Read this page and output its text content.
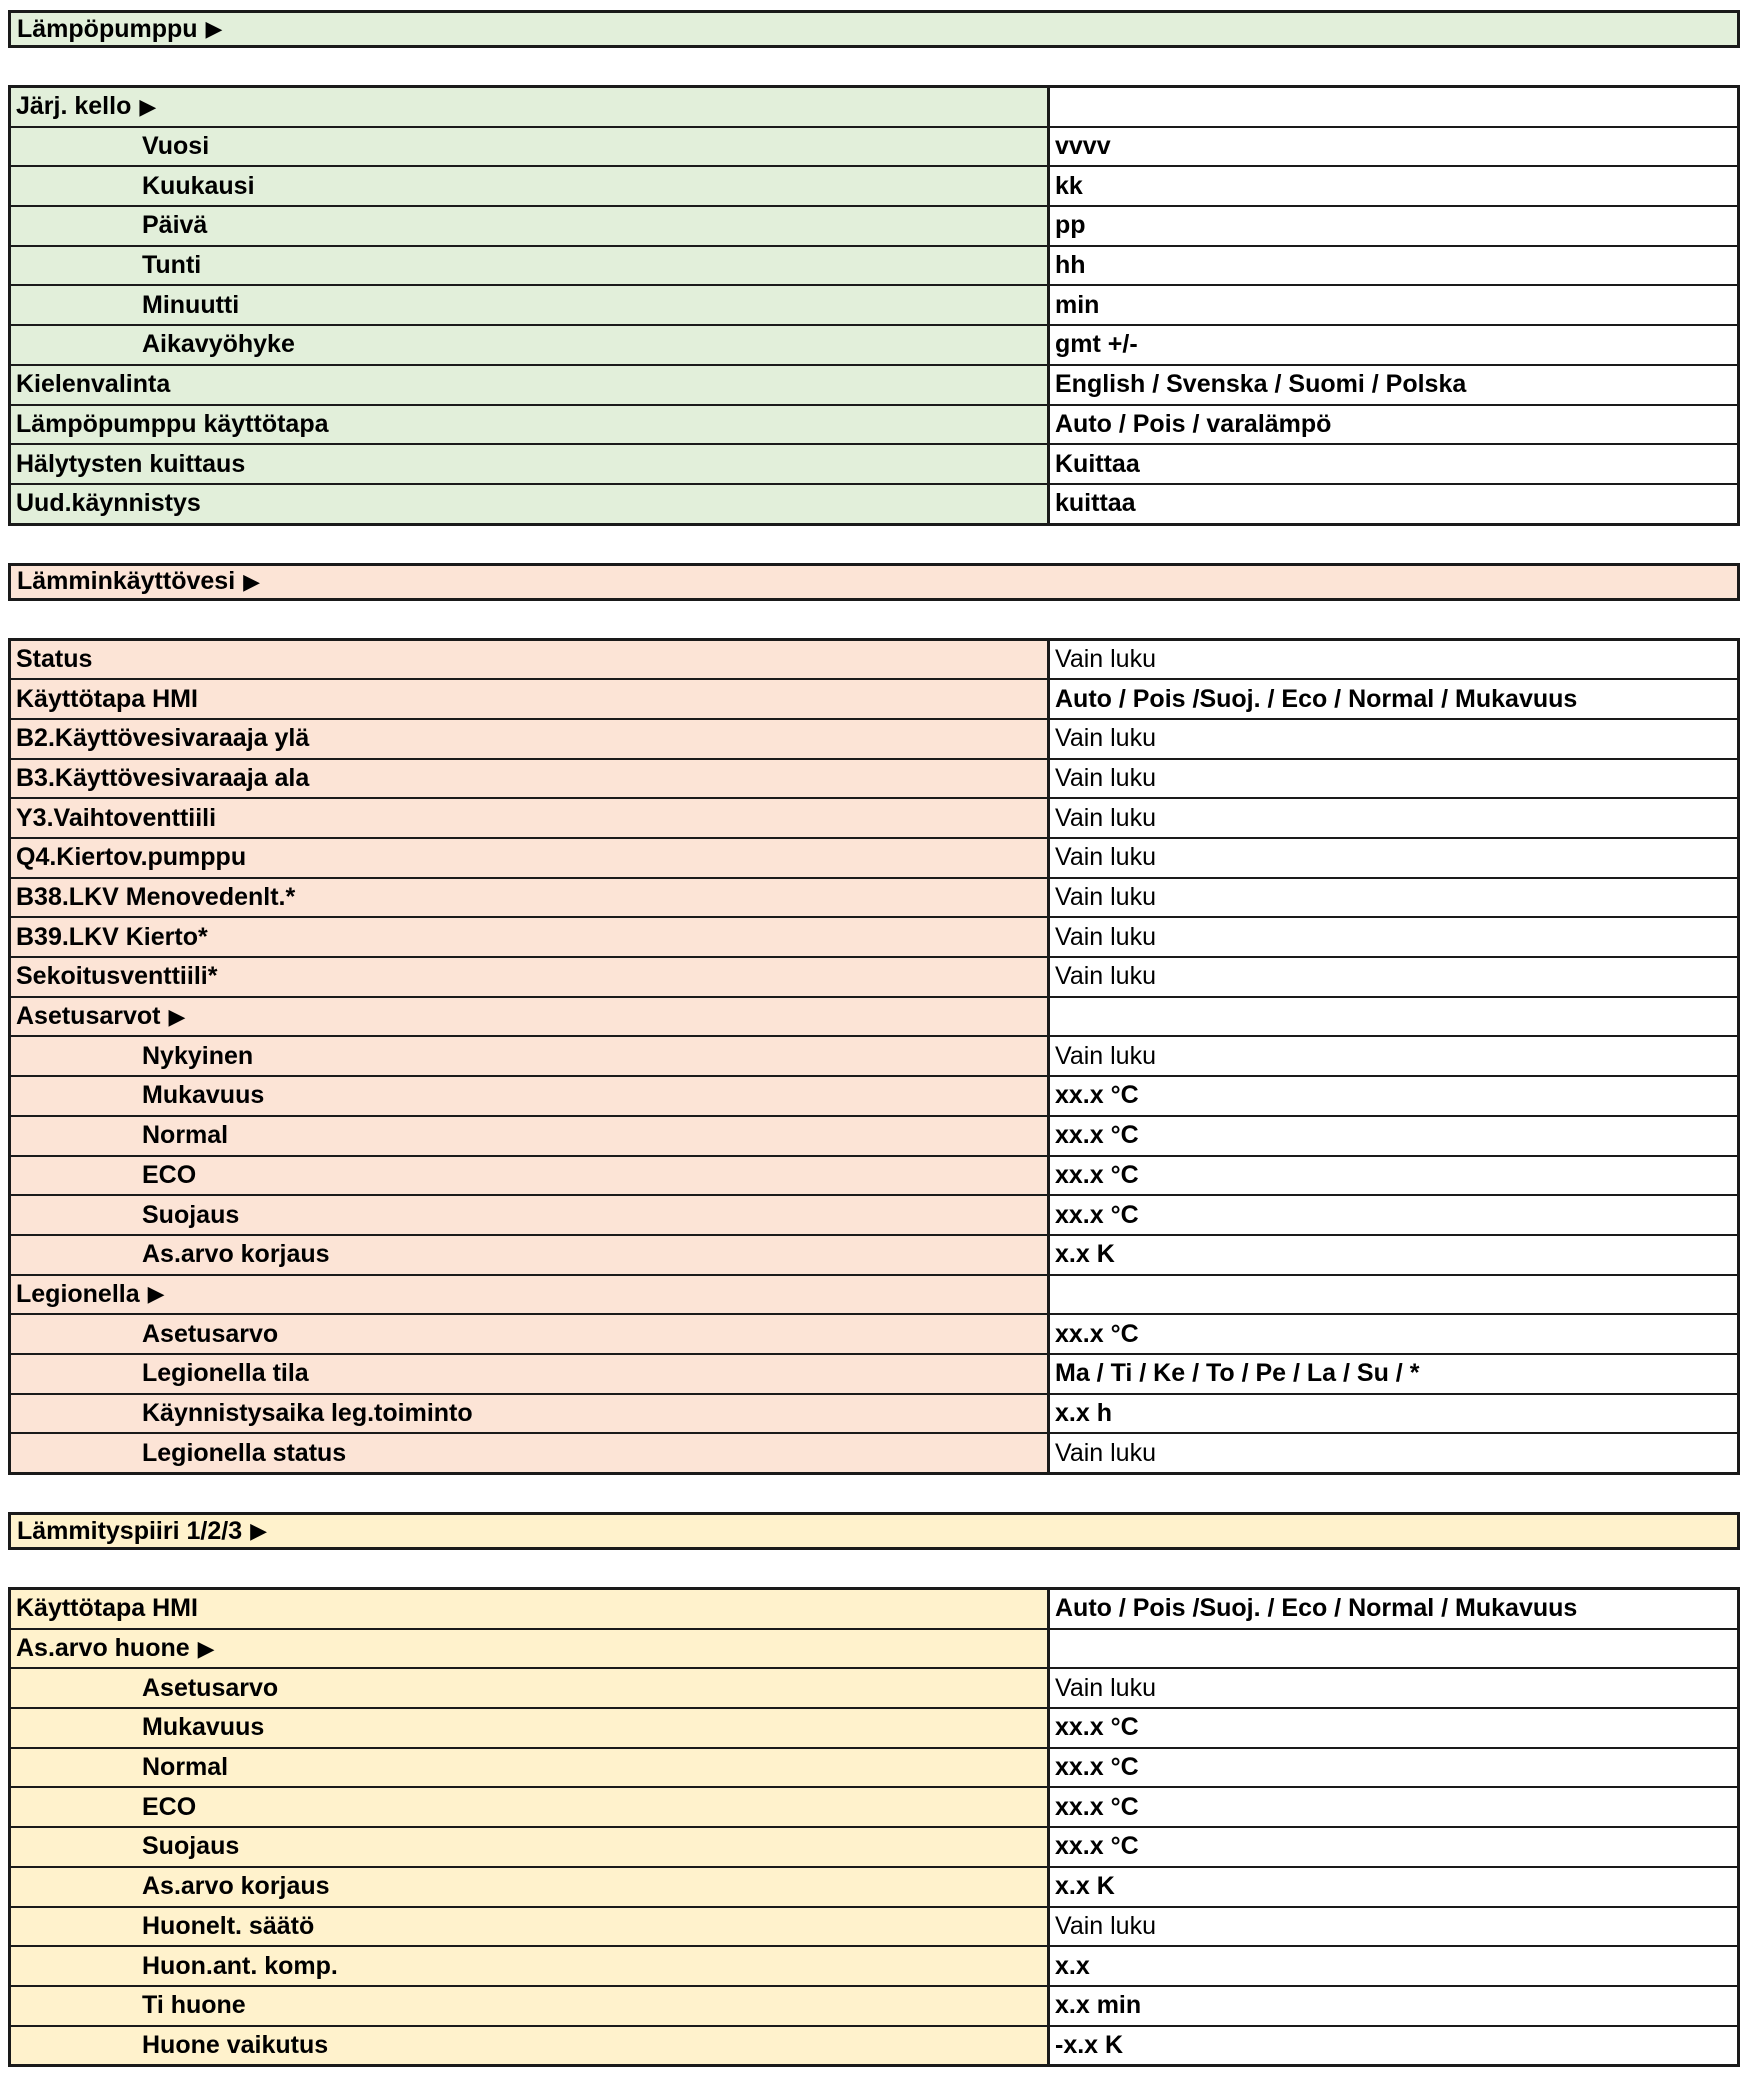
Lämpöpumppu ▶
Järj. kello ▶
Vuosi	vvvv
Kuukausi	kk
Päivä	pp
Tunti	hh
Minuutti	min
Aikavyöhyke	gmt +/-
Kielenvalinta	English / Svenska / Suomi / Polska
Lämpöpumppu käyttötapa	Auto / Pois / varalämpö
Hälytysten kuittaus	Kuittaa
Uud.käynnistys	kuittaa
Lämminkäyttövesi ▶
Status	Vain luku
Käyttötapa HMI	Auto / Pois /Suoj. / Eco / Normal / Mukavuus
B2.Käyttövesivaraaja ylä	Vain luku
B3.Käyttövesivaraaja ala	Vain luku
Y3.Vaihtoventtiili	Vain luku
Q4.Kiertov.pumppu	Vain luku
B38.LKV Menovedenlt.*	Vain luku
B39.LKV Kierto*	Vain luku
Sekoitusventtiili*	Vain luku
Asetusarvot ▶
Nykyinen	Vain luku
Mukavuus	xx.x °C
Normal	xx.x °C
ECO	xx.x °C
Suojaus	xx.x °C
As.arvo korjaus	x.x K
Legionella ▶
Asetusarvo	xx.x °C
Legionella tila	Ma / Ti / Ke / To / Pe / La / Su / *
Käynnistysaika leg.toiminto	x.x h
Legionella status	Vain luku
Lämmityspiiri 1/2/3 ▶
Käyttötapa HMI	Auto / Pois /Suoj. / Eco / Normal / Mukavuus
As.arvo huone ▶
Asetusarvo	Vain luku
Mukavuus	xx.x °C
Normal	xx.x °C
ECO	xx.x °C
Suojaus	xx.x °C
As.arvo korjaus	x.x K
Huonelt. säätö	Vain luku
Huon.ant. komp.	x.x
Ti huone	x.x min
Huone vaikutus	-x.x K
